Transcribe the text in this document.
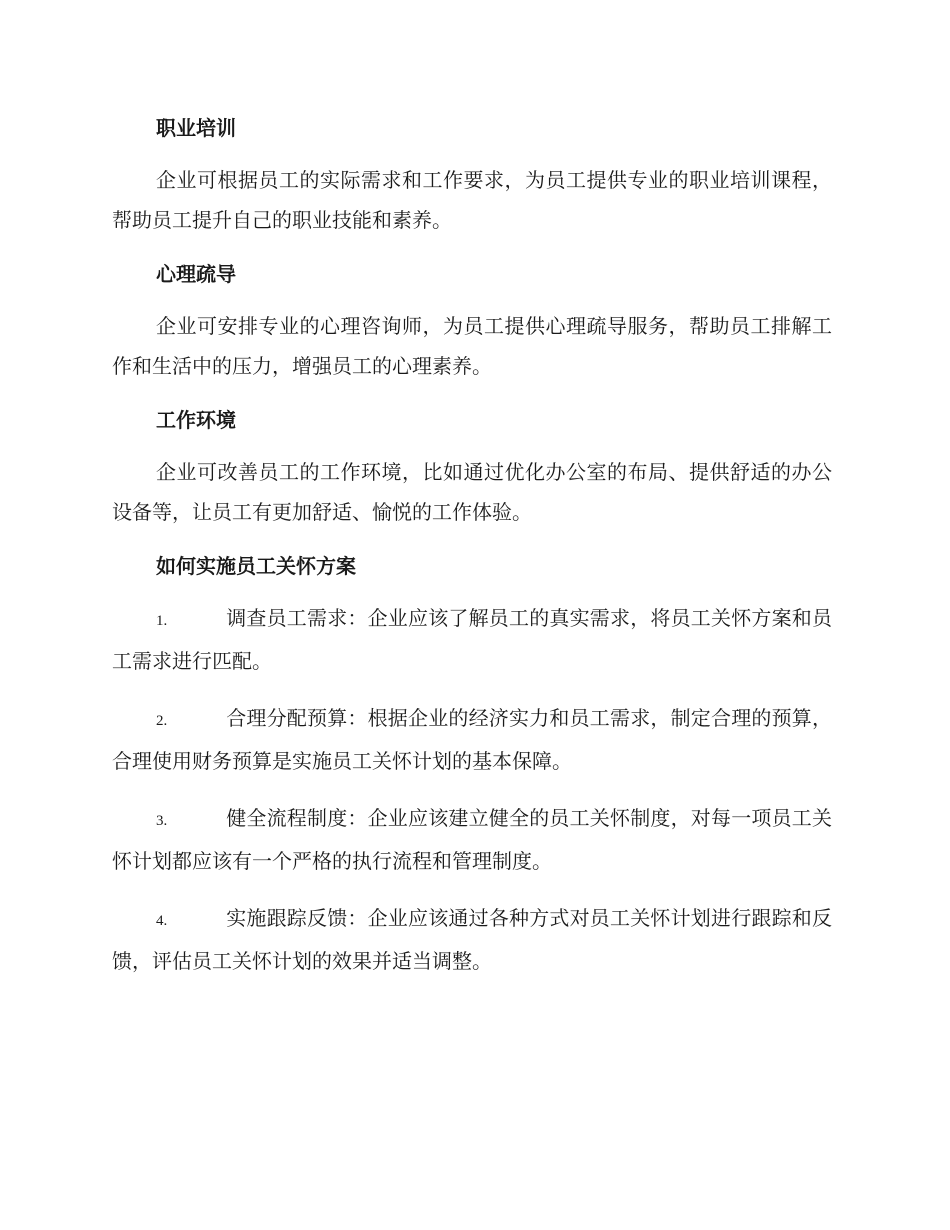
职业培训

企业可根据员工的实际需求和工作要求，为员工提供专业的职业培训课程，帮助员工提升自己的职业技能和素养。

心理疏导

企业可安排专业的心理咨询师，为员工提供心理疏导服务，帮助员工排解工作和生活中的压力，增强员工的心理素养。

工作环境

企业可改善员工的工作环境，比如通过优化办公室的布局、提供舒适的办公设备等，让员工有更加舒适、愉悦的工作体验。

如何实施员工关怀方案

1.	调查员工需求：企业应该了解员工的真实需求，将员工关怀方案和员工需求进行匹配。

2.	合理分配预算：根据企业的经济实力和员工需求，制定合理的预算，合理使用财务预算是实施员工关怀计划的基本保障。

3.	健全流程制度：企业应该建立健全的员工关怀制度，对每一项员工关怀计划都应该有一个严格的执行流程和管理制度。

4.	实施跟踪反馈：企业应该通过各种方式对员工关怀计划进行跟踪和反馈，评估员工关怀计划的效果并适当调整。
